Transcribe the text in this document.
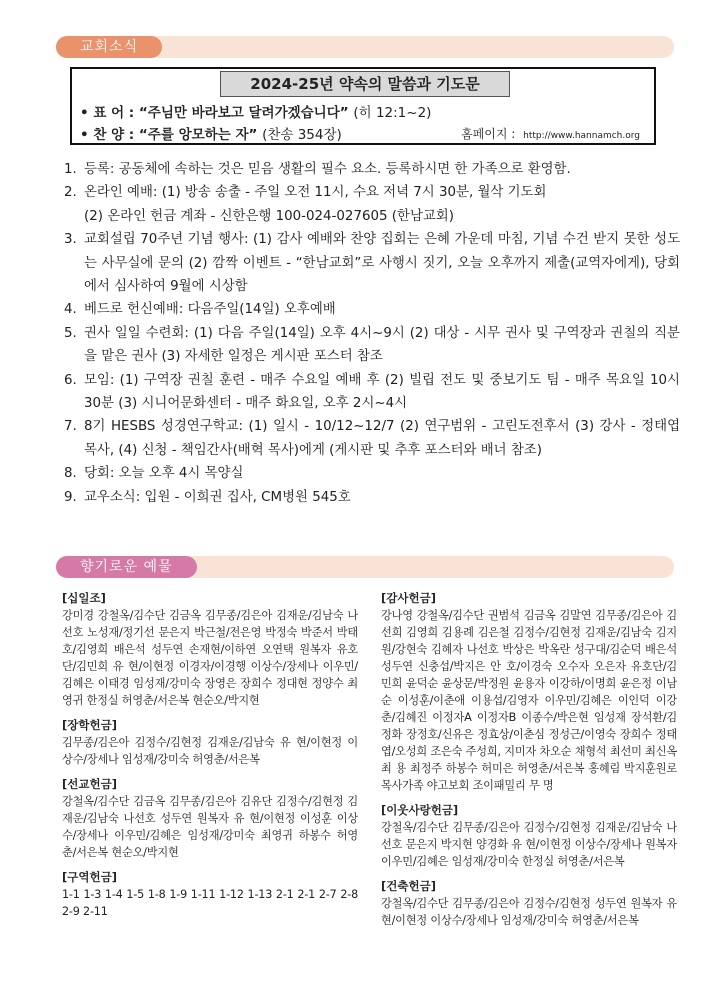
교회소식
2024-25년 약속의 말씀과 기도문
• 표 어 : “주님만 바라보고 달려가겠습니다” (히 12:1~2)
• 찬 양 : “주를 앙모하는 자” (찬송 354장)	홈페이지 : http://www.hannamch.org
1. 등록: 공동체에 속하는 것은 믿음 생활의 필수 요소. 등록하시면 한 가족으로 환영함.
2. 온라인 예배: (1) 방송 송출 - 주일 오전 11시, 수요 저녁 7시 30분, 월삭 기도회
(2) 온라인 헌금 계좌 - 신한은행 100-024-027605 (한남교회)
3. 교회설립 70주년 기념 행사: (1) 감사 예배와 찬양 집회는 은혜 가운데 마침, 기념 수건 받지 못한 성도는 사무실에 문의 (2) 깜짝 이벤트 - “한남교회”로 사행시 짓기, 오늘 오후까지 제출(교역자에게), 당회에서 심사하여 9월에 시상함
4. 베드로 헌신예배: 다음주일(14일) 오후예배
5. 권사 일일 수련회: (1) 다음 주일(14일) 오후 4시~9시 (2) 대상 - 시무 권사 및 구역장과 권칠의 직분을 맡은 권사 (3) 자세한 일정은 게시판 포스터 참조
6. 모임: (1) 구역장 권칠 훈련 - 매주 수요일 예배 후 (2) 빌립 전도 및 중보기도 팀 - 매주 목요일 10시 30분 (3) 시니어문화센터 - 매주 화요일, 오후 2시~4시
7. 8기 HESBS 성경연구학교: (1) 일시 - 10/12~12/7 (2) 연구범위 - 고린도전후서 (3) 강사 - 정태엽 목사, (4) 신청 - 책임간사(배혁 목사)에게 (게시판 및 추후 포스터와 배너 참조)
8. 당회: 오늘 오후 4시 목양실
9. 교우소식: 입원 - 이희권 집사, CM병원 545호
향기로운 예물
[십일조]
강미경 강철옥/김수단 김금옥 김무종/김은아 김재운/김남숙 나선호 노성재/정기선 문은지 박근철/전은영 박정숙 박준서 박태호/김영희 배은석 성두연 손재현/이하연 오연택 원복자 유호단/김민희 유 현/이현정 이경자/이경행 이상수/장세나 이우민/김혜은 이태경 임성재/강미숙 장영은 장희수 정대현 정양수 최영귀 한정실 허영춘/서은복 현순오/박지현
[장학헌금]
김무종/김은아 김정수/김현정 김재운/김남숙 유 현/이현정 이상수/장세나 임성재/강미숙 허영춘/서은복
[선교헌금]
강철옥/김수단 김금옥 김무종/김은아 김유단 김정수/김현정 김재운/김남숙 나선호 성두연 원복자 유 현/이현정 이성훈 이상수/장세나 이우민/김혜은 임성재/강미숙 최영귀 하봉수 허영춘/서은복 현순오/박지현
[구역헌금]
1-1 1-3 1-4 1-5 1-8 1-9 1-11 1-12 1-13 2-1 2-1 2-7 2-8 2-9 2-11
[감사헌금]
강나영 강철옥/김수단 권범석 김금옥 김말연 김무종/김은아 김선희 김영희 김용례 김은철 김정수/김현정 김재운/김남숙 김지원/강현숙 김혜자 나선호 박상은 박옥란 성구대/김순덕 배은석 성두연 신충섭/박지은 안 호/이경숙 오수자 오은자 유호단/김민희 윤덕순 윤상문/박정원 윤용자 이강하/이명희 윤은정 이남순 이성훈/이춘애 이용섭/김영자 이우민/김혜은 이인덕 이강춘/김혜진 이정자A 이정자B 이종수/박은현 임성재 장석환/김정화 장정호/신유은 정효상/이춘심 정성근/이영숙 장희수 정태엽/오성희 조은숙 주성희, 지미자 차오순 채형석 최선미 최신옥 최 용 최정주 하봉수 허미은 허영춘/서은복 홍혜림 박지훈원로목사가족 야고보회 조이패밀리 무 명
[이웃사랑헌금]
강철옥/김수단 김무종/김은아 김정수/김현정 김재운/김남숙 나선호 문은지 박지현 양경화 유 현/이현정 이상수/장세나 원복자 이우민/김혜은 임성재/강미숙 한정실 허영춘/서은복
[건축헌금]
강철옥/김수단 김무종/김은아 김정수/김현정 성두연 원복자 유 현/이현정 이상수/장세나 임성재/강미숙 허영춘/서은복
